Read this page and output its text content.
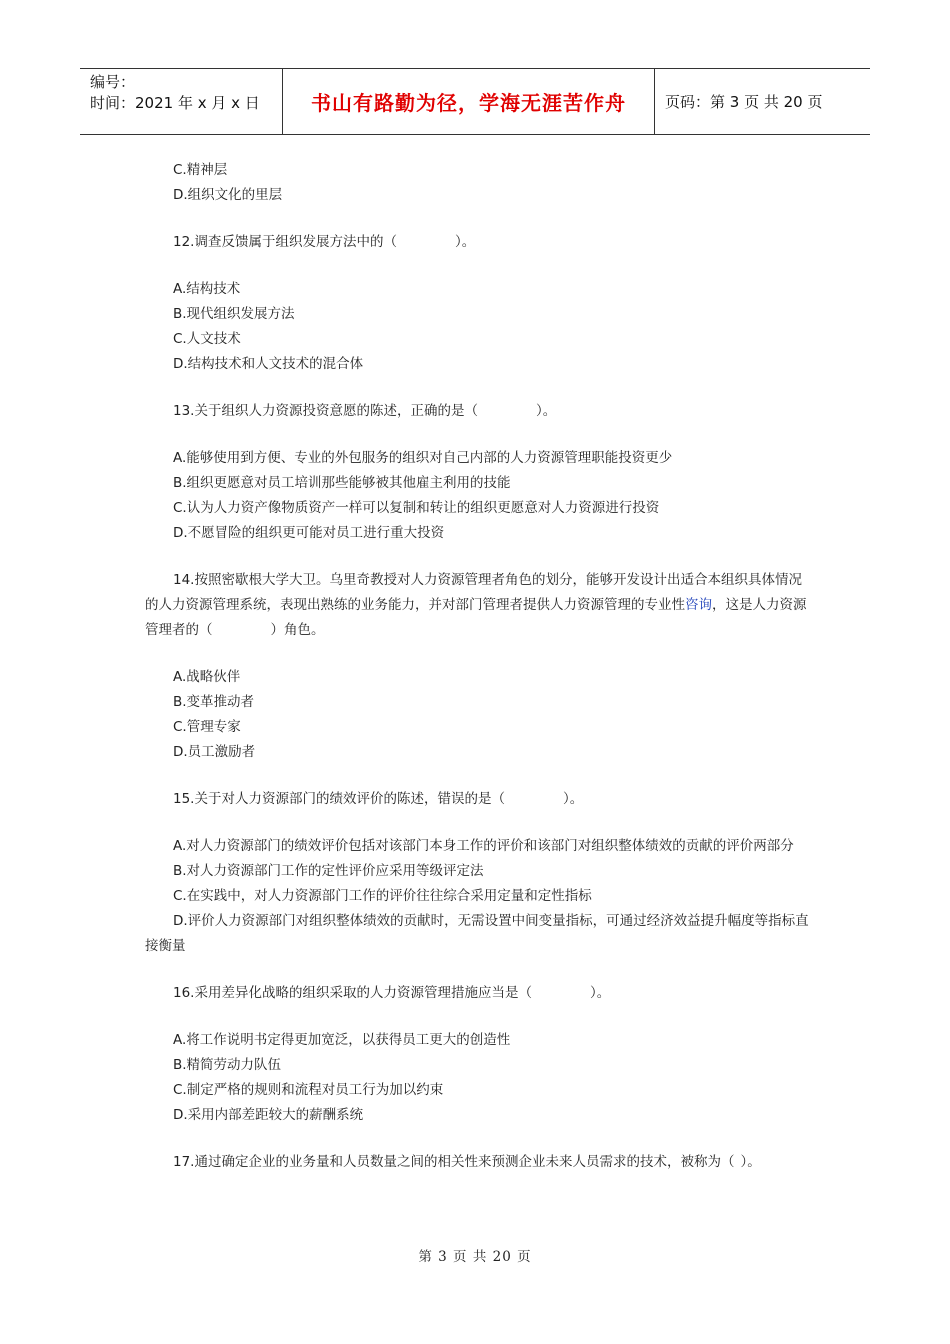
编号：
时间：2021 年 x 月 x 日	书山有路勤为径，学海无涯苦作舟	页码：第 3 页 共 20 页
C.精神层
D.组织文化的里层
12.调查反馈属于组织发展方法中的（	）。
A.结构技术
B.现代组织发展方法
C.人文技术
D.结构技术和人文技术的混合体
13.关于组织人力资源投资意愿的陈述，正确的是（	）。
A.能够使用到方便、专业的外包服务的组织对自己内部的人力资源管理职能投资更少
B.组织更愿意对员工培训那些能够被其他雇主利用的技能
C.认为人力资产像物质资产一样可以复制和转让的组织更愿意对人力资源进行投资
D.不愿冒险的组织更可能对员工进行重大投资
14.按照密歇根大学大卫。乌里奇教授对人力资源管理者角色的划分，能够开发设计出适合本组织具体情况的人力资源管理系统，表现出熟练的业务能力，并对部门管理者提供人力资源管理的专业性咨询，这是人力资源管理者的（	）角色。
A.战略伙伴
B.变革推动者
C.管理专家
D.员工激励者
15.关于对人力资源部门的绩效评价的陈述，错误的是（	）。
A.对人力资源部门的绩效评价包括对该部门本身工作的评价和该部门对组织整体绩效的贡献的评价两部分
B.对人力资源部门工作的定性评价应采用等级评定法
C.在实践中，对人力资源部门工作的评价往往综合采用定量和定性指标
D.评价人力资源部门对组织整体绩效的贡献时，无需设置中间变量指标，可通过经济效益提升幅度等指标直接衡量
16.采用差异化战略的组织采取的人力资源管理措施应当是（	）。
A.将工作说明书定得更加宽泛，以获得员工更大的创造性
B.精简劳动力队伍
C.制定严格的规则和流程对员工行为加以约束
D.采用内部差距较大的薪酬系统
17.通过确定企业的业务量和人员数量之间的相关性来预测企业未来人员需求的技术，被称为（ ）。
第 3 页 共 20 页
